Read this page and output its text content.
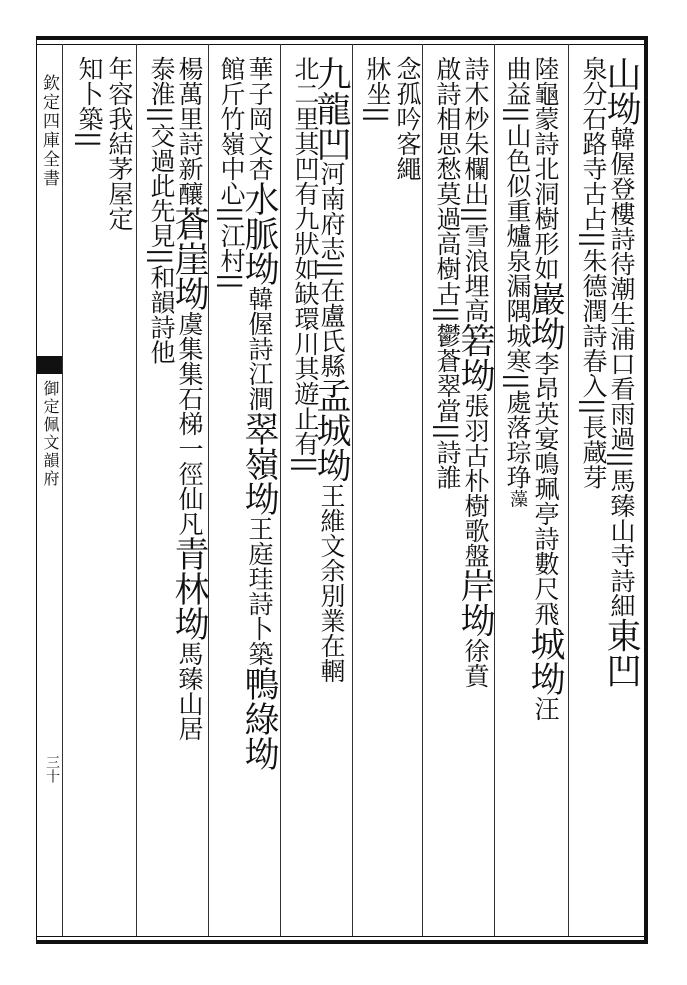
欽定四庫全書
御定佩文韻府
三十
山坳韓偓登樓詩待潮生浦口看雨過||馬臻山寺詩細東凹
泉分石路寺古占||朱德潤詩春入||長蔵芽
陸龜蒙詩北洞樹形如巖坳李昂英宴鳴珮亭詩數尺飛城坳汪
曲益||山色似重爐泉漏隅城寒||處落琮琤藻
詩木杪朱欄出||雪浪埋高箬坳張羽古朴樹歌盤岸坳徐賁
啟詩相思愁莫過高樹古||鬱蒼翠當||詩誰
念孤吟客繩
牀坐||
九龍凹河南府志||在盧氏縣孟城坳王維文余別業在輞
北二里其凹有九狀如缺環川其遊止有||
華子岡文杏水脈坳韓偓詩江澗翠嶺坳王庭珪詩卜築鴨綠坳
館斤竹嶺中心||江村||
楊萬里詩新釀蒼崖坳虞集集石梯一徑仙凡青林坳馬臻山居
泰淮||交過此先見||和韻詩他
年容我結茅屋定
知卜築||
